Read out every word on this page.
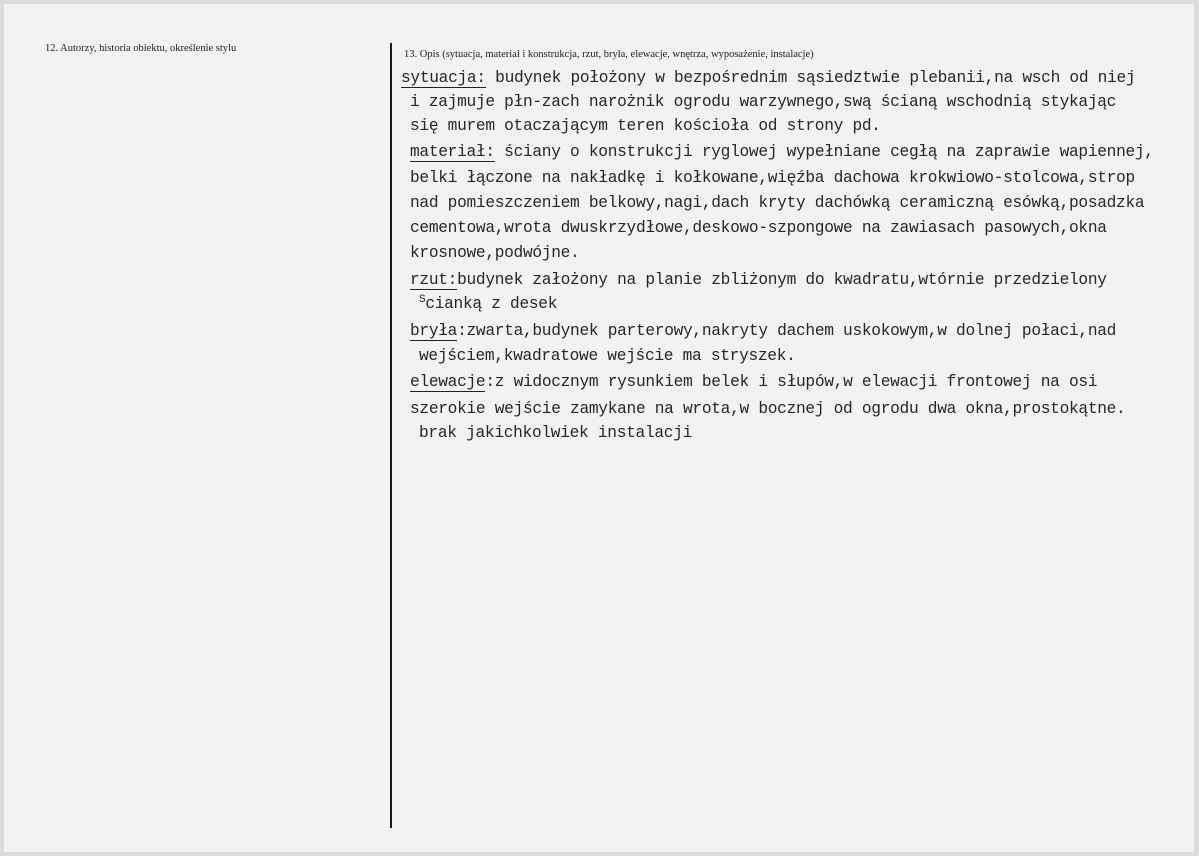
12. Autorzy, historia obiektu, określenie stylu
13. Opis (sytuacja, materiał i konstrukcja, rzut, bryła, elewacje, wnętrza, wyposażenie, instalacje)
sytuacja: budynek położony w bezpośrednim sąsiedztwie plebanii,na wsch od niej
i zajmuje płn-zach narożnik ogrodu warzywnego,swą ścianą wschodnią stykając
się murem otaczającym teren kościoła od strony pd.
materiał: ściany o konstrukcji ryglowej wypełniane cegłą na zaprawie wapiennej,
belki łączone na nakładkę i kołkowane,więźba dachowa krokwiowo-stolcowa,strop
nad pomieszczeniem belkowy,nagi,dach kryty dachówką ceramiczną esówką,posadzka
cementowa,wrota dwuskrzydłowe,deskowo-szpongowe na zawiasach pasowych,okna
krosnowe,podwójne.
rzut:budynek założony na planie zbliżonym do kwadratu,wtórnie przedzielony
$^S$cianką z desek
bryła:zwarta,budynek parterowy,nakryty dachem uskokowym,w dolnej połaci,nad
wejściem,kwadratowe wejście ma stryszek.
elewacje:z widocznym rysunkiem belek i słupów,w elewacji frontowej na osi
szerokie wejście zamykane na wrota,w bocznej od ogrodu dwa okna,prostokątne.
brak jakichkolwiek instalacji
